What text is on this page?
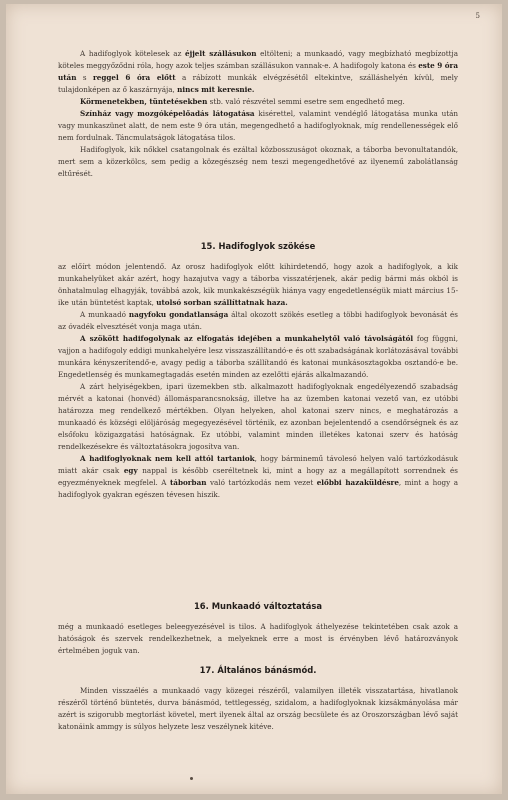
5

A hadifoglyok kötelesek az éjjelt szállásukon eltölteni; a munkaadó, vagy megbízható megbízottja köteles meggyőződni róla, hogy azok teljes számban szállásukon vannak-e. A hadifogoly katona és este 9 óra után s reggel 6 óra előtt a rábízott munkák elvégzésétől eltekintve, szálláshelyén kívül, mely tulajdonképen az ő kaszárnyája, nincs mit keresnie.

Körmenetekben, tüntetésekben stb. való részvétel semmi esetre sem engedhető meg.

Színház vagy mozgóképelőadás látogatása kisérettel, valamint vendéglő látogatása munka után vagy munkaszünet alatt, de nem este 9 óra után, megengedhető a hadifoglyoknak, míg rendellenességek elő nem fordulnak. Táncmulatságok látogatása tilos.

Hadifoglyok, kik nőkkel csatangolnak és ezáltal közbosszuságot okoznak, a táborba bevonultatandók, mert sem a közerkölcs, sem pedig a közegészség nem teszi megengedhetővé az ilyenemű zabolátlanság eltűrését.

15. Hadifoglyok szökése

az előírt módon jelentendő. Az orosz hadifoglyok előtt kihirdetendő, hogy azok a hadifoglyok, a kik munkahelyüket akár azért, hogy hazajutva vagy a táborba visszatérjenek, akár pedig bármi más okból is önhatalmulag elhagyják, továbbá azok, kik munkakészségük hiánya vagy engedetlenségük miatt március 15-ike után büntetést kaptak, utolsó sorban szállíttatnak haza.

A munkaadó nagyfoku gondatlansága által okozott szökés esetleg a többi hadifoglyok bevonását és az óvadék elvesztését vonja maga után.

A szökött hadifogolynak az elfogatás idejében a munkahelytől való távolságától fog függni, vajjon a hadifogoly eddigi munkahelyére lesz visszaszállítandó-e és ott szabadságának korlátozásával további munkára kényszerítendő-e, avagy pedig a táborba szállítandó és katonai munkásosztagokba osztandó-e be. Engedetlenség és munkamegtagadás esetén minden az ezelőtti ejárás alkalmazandó.

A zárt helyiségekben, ipari üzemekben stb. alkalmazott hadifoglyoknak engedélyezendő szabadság mérvét a katonai (honvéd) állomásparancsnokság, illetve ha az üzemben katonai vezető van, ez utóbbi határozza meg rendelkező mértékben. Olyan helyeken, ahol katonai szerv nincs, e meghatározás a munkaadó és községi elöljáróság megegyezésével történik, ez azonban bejelentendő a csendőrségnek és az elsőfoku közigazgatási hatóságnak. Ez utóbbi, valamint minden illetékes katonai szerv és hatóság rendelkezésekre és változtatásokra jogosítva van.

A hadifoglyoknak nem kell attól tartaniok, hogy bárminemű távolesó helyen való tartózkodásuk miatt akár csak egy nappal is később cseréltetnek ki, mint a hogy az a megállapított sorrendnek és egyezményeknek megfelel. A táborban való tartózkodás nem vezet előbbi hazaküldésre, mint a hogy a hadifoglyok gyakran egészen tévesen hiszik.

16. Munkaadó változtatása

még a munkaadó esetleges beleegyezésével is tilos. A hadifoglyok áthelyezése tekintetében csak azok a hatóságok és szervek rendelkezhetnek, a melyeknek erre a most is érvényben lévő határozványok értelmében joguk van.

17. Általános bánásmód.

Minden visszaélés a munkaadó vagy közegei részéről, valamilyen illeték visszatartása, hivatlanok részéről történő büntetés, durva bánásmód, tettlegesség, szidalom, a hadifoglyoknak kizsákmányolása már azért is szigorubb megtorlást követel, mert ilyenek által az ország becsülete és az Oroszországban lévő saját katonáink ammgy is súlyos helyzete lesz veszélynek kitéve.
